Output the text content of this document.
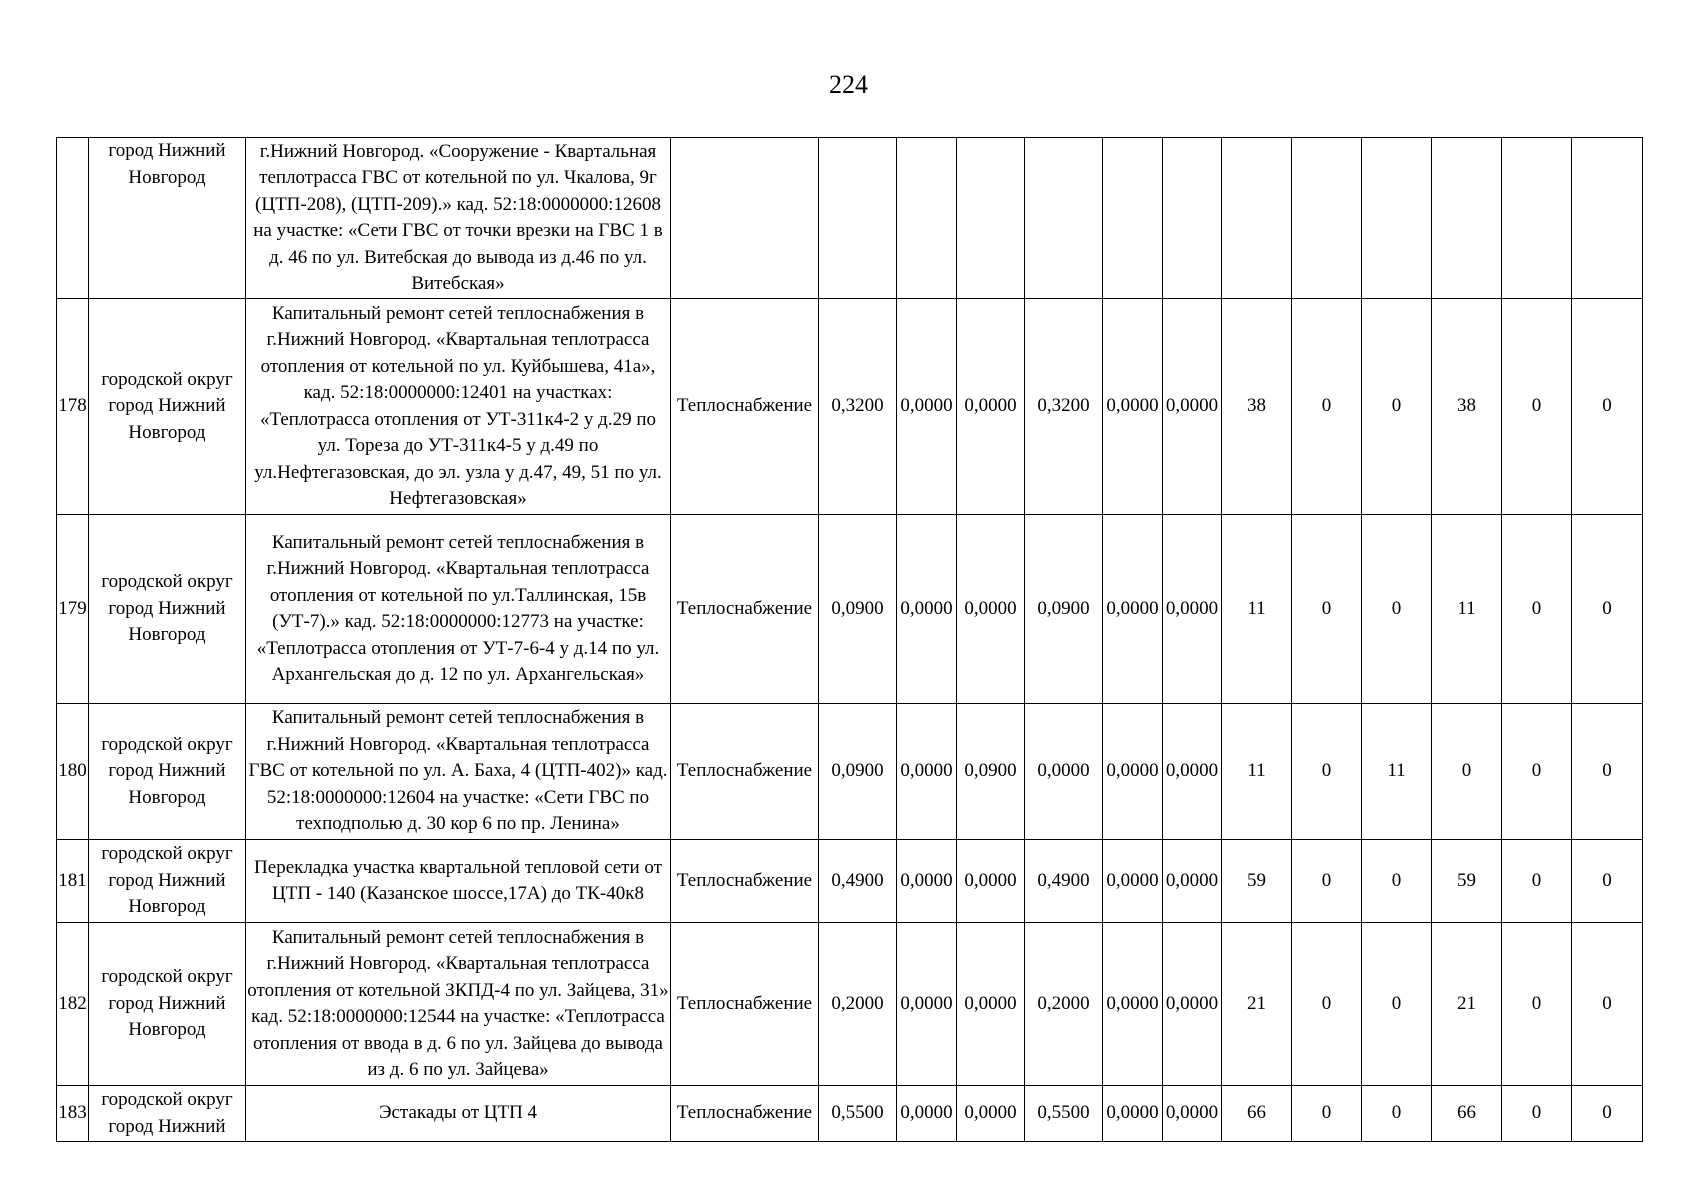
224
	город Нижний Новгород	г.Нижний Новгород. «Сооружение - Квартальная теплотрасса ГВС от котельной по ул. Чкалова, 9г (ЦТП-208), (ЦТП-209).» кад. 52:18:0000000:12608 на участке: «Сети ГВС от точки врезки на ГВС 1 в д. 46 по ул. Витебская до вывода из д.46 по ул. Витебская»													
178	городской округ город Нижний Новгород	Капитальный ремонт сетей теплоснабжения в г.Нижний Новгород. «Квартальная теплотрасса отопления от котельной по ул. Куйбышева, 41а», кад. 52:18:0000000:12401 на участках: «Теплотрасса отопления от УТ-311к4-2 у д.29 по ул. Тореза до УТ-311к4-5 у д.49 по ул.Нефтегазовская, до эл. узла у д.47, 49, 51 по ул. Нефтегазовская»	Теплоснабжение	0,3200	0,0000	0,0000	0,3200	0,0000	0,0000	38	0	0	38	0	0
179	городской округ город Нижний Новгород	Капитальный ремонт сетей теплоснабжения в г.Нижний Новгород. «Квартальная теплотрасса отопления от котельной по ул.Таллинская, 15в (УТ-7).» кад. 52:18:0000000:12773 на участке: «Теплотрасса отопления от УТ-7-6-4 у д.14 по ул. Архангельская до д. 12 по ул. Архангельская»	Теплоснабжение	0,0900	0,0000	0,0000	0,0900	0,0000	0,0000	11	0	0	11	0	0
180	городской округ город Нижний Новгород	Капитальный ремонт сетей теплоснабжения в г.Нижний Новгород. «Квартальная теплотрасса ГВС от котельной по ул. А. Баха, 4 (ЦТП-402)» кад. 52:18:0000000:12604 на участке: «Сети ГВС по техподполью д. 30 кор 6 по пр. Ленина»	Теплоснабжение	0,0900	0,0000	0,0900	0,0000	0,0000	0,0000	11	0	11	0	0	0
181	городской округ город Нижний Новгород	Перекладка участка квартальной тепловой сети от ЦТП - 140 (Казанское шоссе,17А) до ТК-40к8	Теплоснабжение	0,4900	0,0000	0,0000	0,4900	0,0000	0,0000	59	0	0	59	0	0
182	городской округ город Нижний Новгород	Капитальный ремонт сетей теплоснабжения в г.Нижний Новгород. «Квартальная теплотрасса отопления от котельной ЗКПД-4 по ул. Зайцева, 31» кад. 52:18:0000000:12544 на участке: «Теплотрасса отопления от ввода в д. 6 по ул. Зайцева до вывода из д. 6 по ул. Зайцева»	Теплоснабжение	0,2000	0,0000	0,0000	0,2000	0,0000	0,0000	21	0	0	21	0	0
183	городской округ город Нижний	Эстакады от ЦТП 4	Теплоснабжение	0,5500	0,0000	0,0000	0,5500	0,0000	0,0000	66	0	0	66	0	0
